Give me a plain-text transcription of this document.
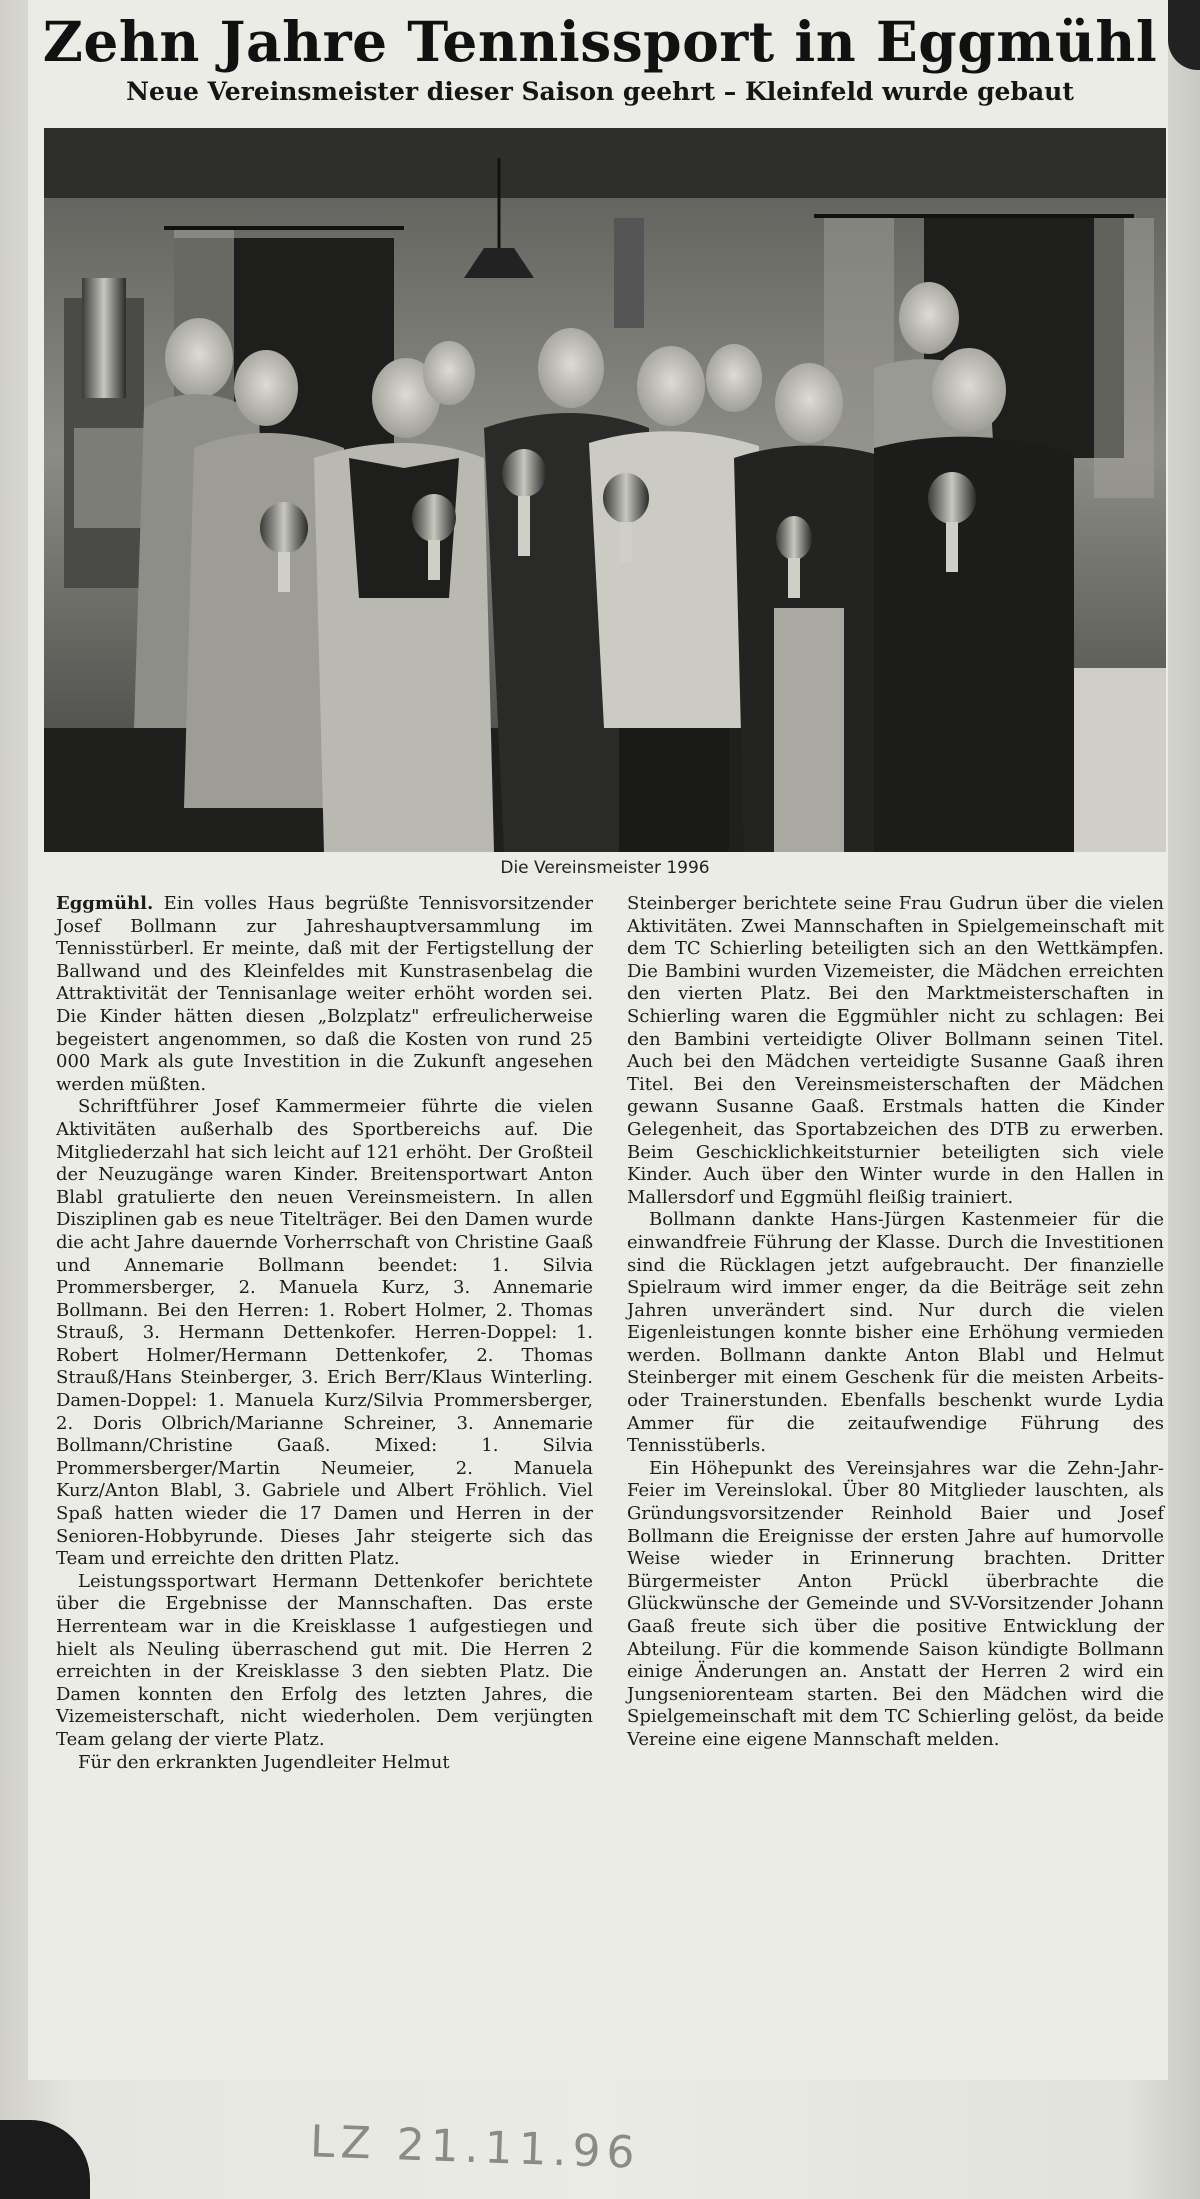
Zehn Jahre Tennissport in Eggmühl
Neue Vereinsmeister dieser Saison geehrt – Kleinfeld wurde gebaut
Die Vereinsmeister 1996

Eggmühl. Ein volles Haus begrüßte Tennisvorsitzender Josef Bollmann zur Jahreshauptversammlung im Tennisstürberl. Er meinte, daß mit der Fertigstellung der Ballwand und des Kleinfeldes mit Kunstrasenbelag die Attraktivität der Tennisanlage weiter erhöht worden sei. Die Kinder hätten diesen „Bolzplatz" erfreulicherweise begeistert angenommen, so daß die Kosten von rund 25 000 Mark als gute Investition in die Zukunft angesehen werden müßten.

Schriftführer Josef Kammermeier führte die vielen Aktivitäten außerhalb des Sportbereichs auf. Die Mitgliederzahl hat sich leicht auf 121 erhöht. Der Großteil der Neuzugänge waren Kinder. Breitensportwart Anton Blabl gratulierte den neuen Vereinsmeistern. In allen Disziplinen gab es neue Titelträger. Bei den Damen wurde die acht Jahre dauernde Vorherrschaft von Christine Gaaß und Annemarie Bollmann beendet: 1. Silvia Prommersberger, 2. Manuela Kurz, 3. Annemarie Bollmann. Bei den Herren: 1. Robert Holmer, 2. Thomas Strauß, 3. Hermann Dettenkofer. Herren-Doppel: 1. Robert Holmer/Hermann Dettenkofer, 2. Thomas Strauß/Hans Steinberger, 3. Erich Berr/Klaus Winterling. Damen-Doppel: 1. Manuela Kurz/Silvia Prommersberger, 2. Doris Olbrich/Marianne Schreiner, 3. Annemarie Bollmann/Christine Gaaß. Mixed: 1. Silvia Prommersberger/Martin Neumeier, 2. Manuela Kurz/Anton Blabl, 3. Gabriele und Albert Fröhlich. Viel Spaß hatten wieder die 17 Damen und Herren in der Senioren-Hobbyrunde. Dieses Jahr steigerte sich das Team und erreichte den dritten Platz.

Leistungssportwart Hermann Dettenkofer berichtete über die Ergebnisse der Mannschaften. Das erste Herrenteam war in die Kreisklasse 1 aufgestiegen und hielt als Neuling überraschend gut mit. Die Herren 2 erreichten in der Kreisklasse 3 den siebten Platz. Die Damen konnten den Erfolg des letzten Jahres, die Vizemeisterschaft, nicht wiederholen. Dem verjüngten Team gelang der vierte Platz.

Für den erkrankten Jugendleiter Helmut

Steinberger berichtete seine Frau Gudrun über die vielen Aktivitäten. Zwei Mannschaften in Spielgemeinschaft mit dem TC Schierling beteiligten sich an den Wettkämpfen. Die Bambini wurden Vizemeister, die Mädchen erreichten den vierten Platz. Bei den Marktmeisterschaften in Schierling waren die Eggmühler nicht zu schlagen: Bei den Bambini verteidigte Oliver Bollmann seinen Titel. Auch bei den Mädchen verteidigte Susanne Gaaß ihren Titel. Bei den Vereinsmeisterschaften der Mädchen gewann Susanne Gaaß. Erstmals hatten die Kinder Gelegenheit, das Sportabzeichen des DTB zu erwerben. Beim Geschicklichkeitsturnier beteiligten sich viele Kinder. Auch über den Winter wurde in den Hallen in Mallersdorf und Eggmühl fleißig trainiert.

Bollmann dankte Hans-Jürgen Kastenmeier für die einwandfreie Führung der Klasse. Durch die Investitionen sind die Rücklagen jetzt aufgebraucht. Der finanzielle Spielraum wird immer enger, da die Beiträge seit zehn Jahren unverändert sind. Nur durch die vielen Eigenleistungen konnte bisher eine Erhöhung vermieden werden. Bollmann dankte Anton Blabl und Helmut Steinberger mit einem Geschenk für die meisten Arbeits- oder Trainerstunden. Ebenfalls beschenkt wurde Lydia Ammer für die zeitaufwendige Führung des Tennisstüberls.

Ein Höhepunkt des Vereinsjahres war die Zehn-Jahr-Feier im Vereinslokal. Über 80 Mitglieder lauschten, als Gründungsvorsitzender Reinhold Baier und Josef Bollmann die Ereignisse der ersten Jahre auf humorvolle Weise wieder in Erinnerung brachten. Dritter Bürgermeister Anton Prückl überbrachte die Glückwünsche der Gemeinde und SV-Vorsitzender Johann Gaaß freute sich über die positive Entwicklung der Abteilung. Für die kommende Saison kündigte Bollmann einige Änderungen an. Anstatt der Herren 2 wird ein Jungseniorenteam starten. Bei den Mädchen wird die Spielgemeinschaft mit dem TC Schierling gelöst, da beide Vereine eine eigene Mannschaft melden.

LZ 21.11.96
